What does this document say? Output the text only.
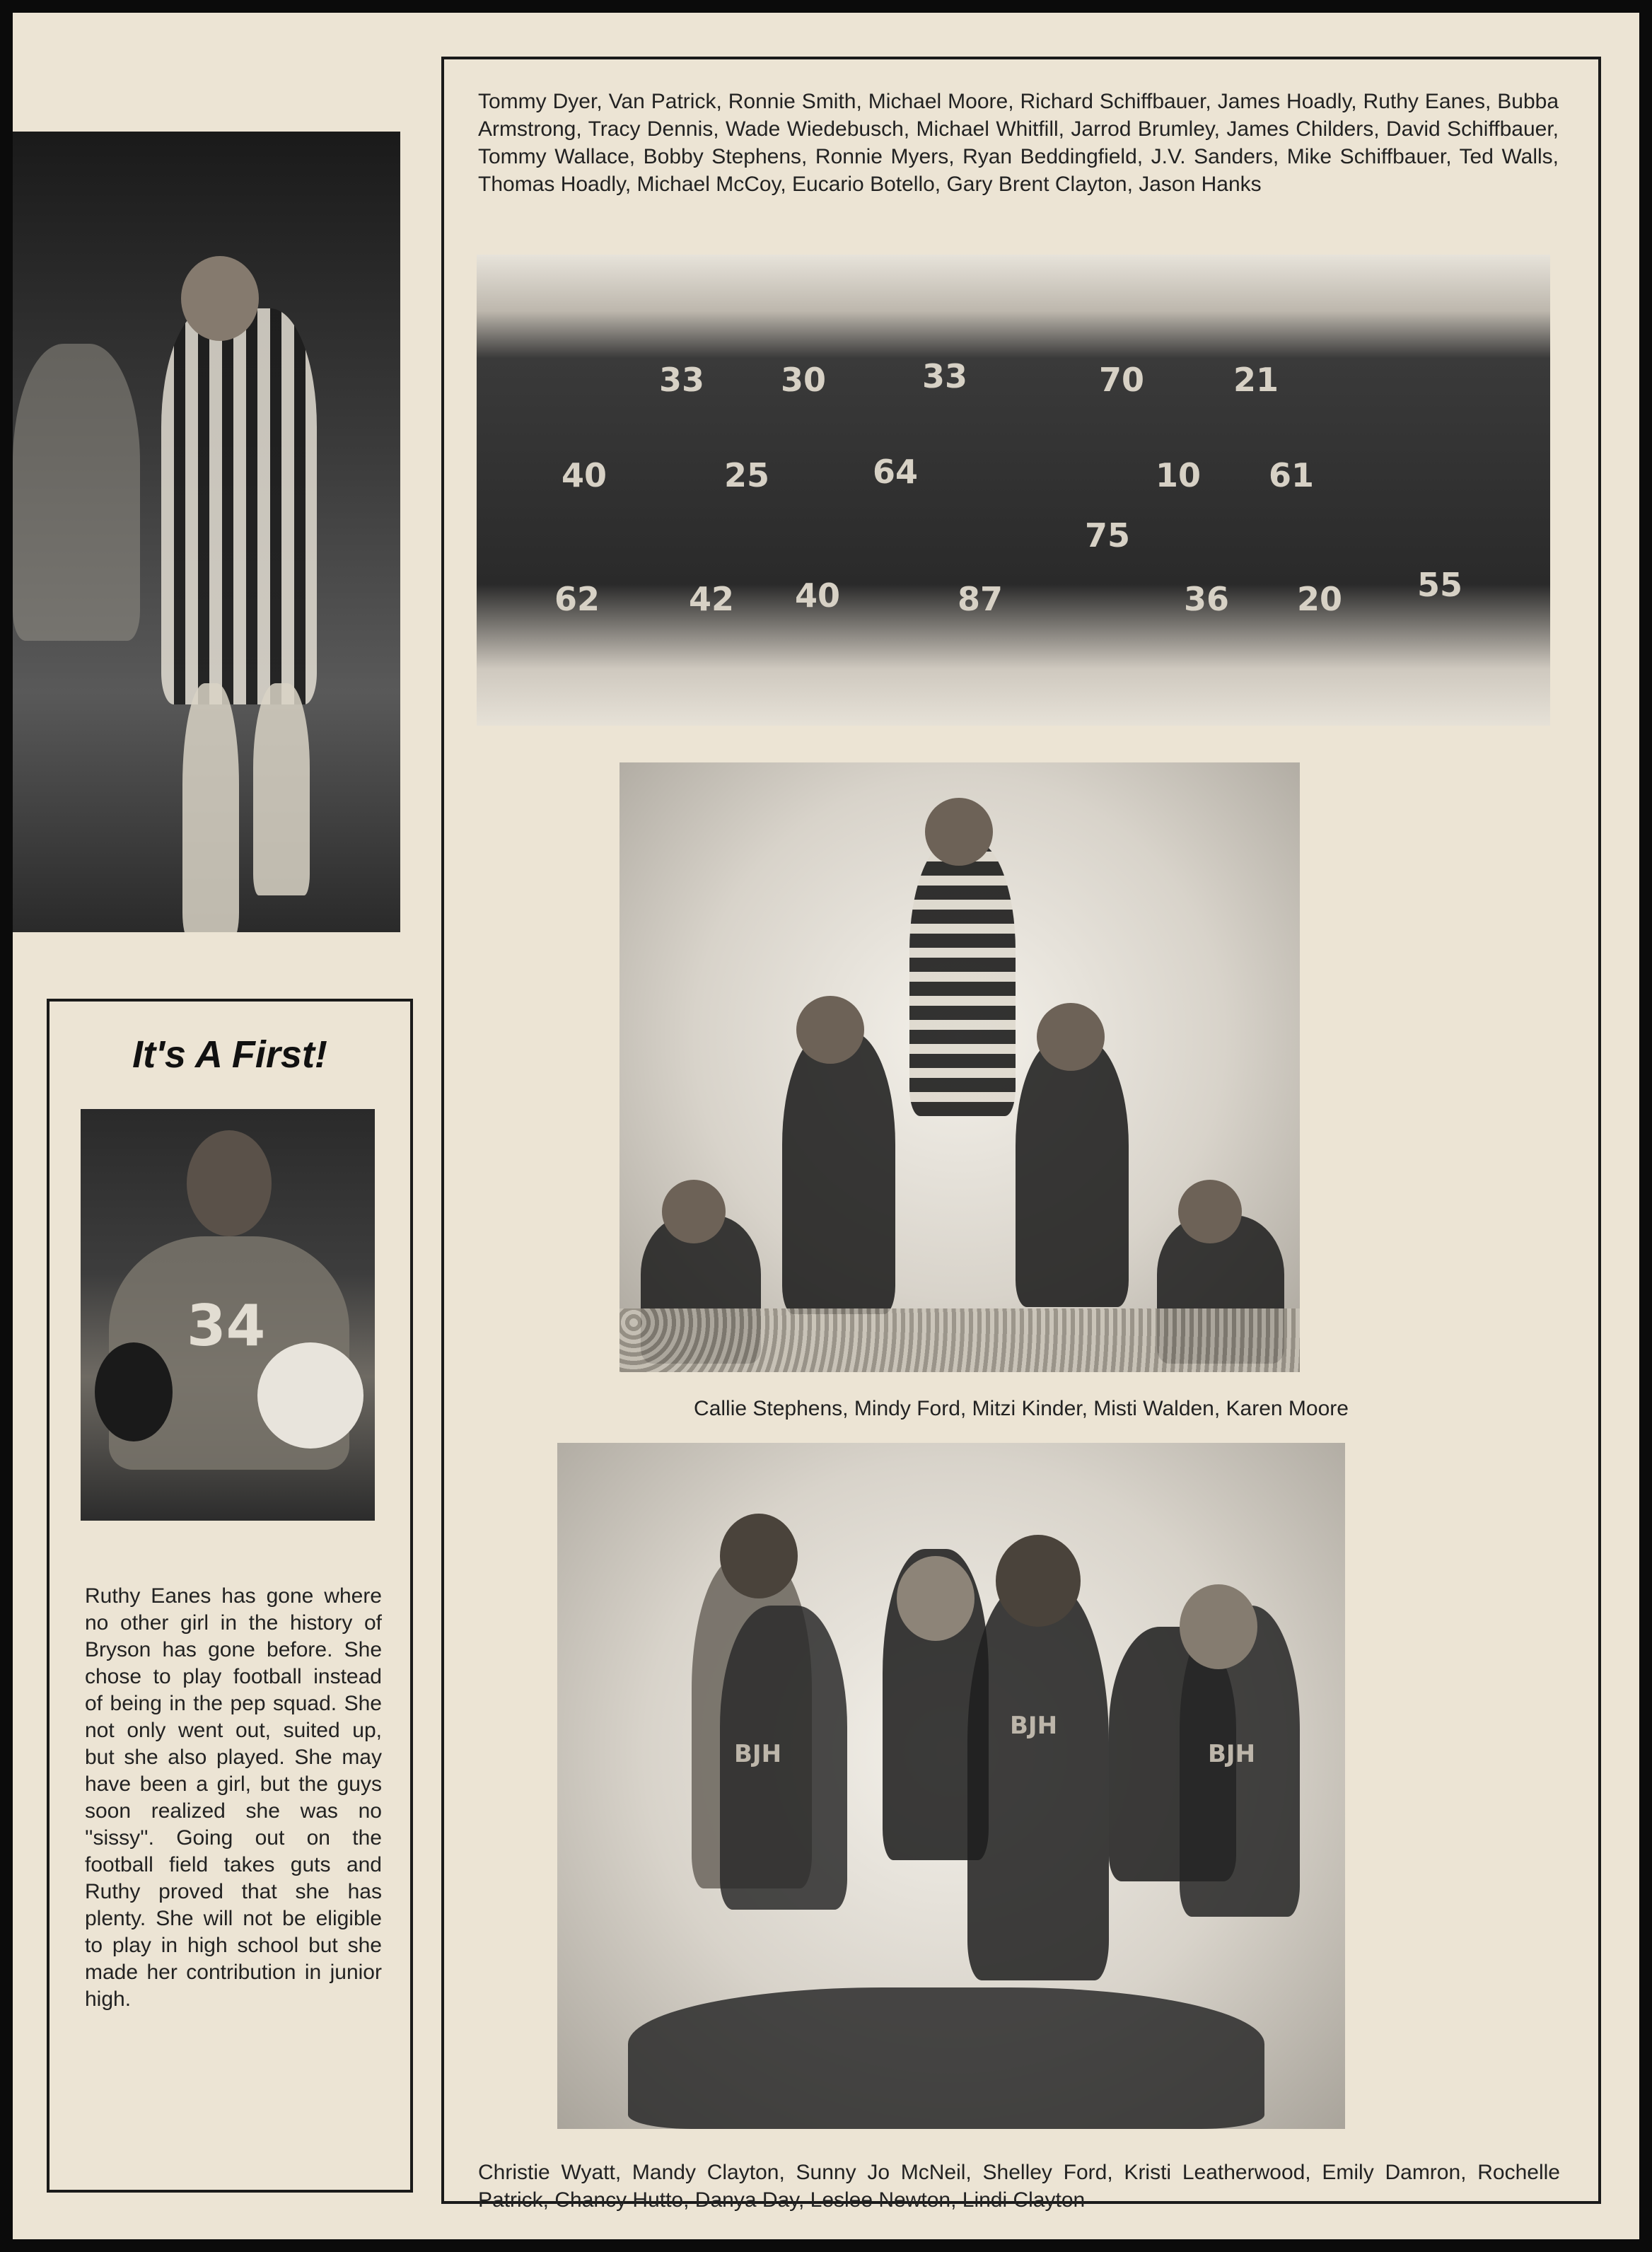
Tommy Dyer, Van Patrick, Ronnie Smith, Michael Moore, Richard Schiffbauer, James Hoadly, Ruthy Eanes, Bubba Armstrong, Tracy Dennis, Wade Wiedebusch, Michael Whitfill, Jarrod Brumley, James Childers, David Schiffbauer, Tommy Wallace, Bobby Stephens, Ronnie Myers, Ryan Beddingfield, J.V. Sanders, Mike Schiffbauer, Ted Walls, Thomas Hoadly, Michael McCoy, Eucario Botello, Gary Brent Clayton, Jason Hanks
33 30	33	70	21
40	25	64	10 61
62	42 40	87
75
36 20 55
Callie Stephens, Mindy Ford, Mitzi Kinder, Misti Walden, Karen Moore
BJH
BJH
BJH
Christie Wyatt, Mandy Clayton, Sunny Jo McNeil, Shelley Ford, Kristi Leatherwood, Emily Damron, Rochelle Patrick, Chancy Hutto, Danya Day, Leslee Newton, Lindi Clayton
It's A First!
34
Ruthy Eanes has gone where no other girl in the history of Bryson has gone before. She chose to play football instead of being in the pep squad. She not only went out, suited up, but she also played. She may have been a girl, but the guys soon realized she was no ''sissy''. Going out on the football field takes guts and Ruthy proved that she has plenty. She will not be eligible to play in high school but she made her contribution in junior high.
